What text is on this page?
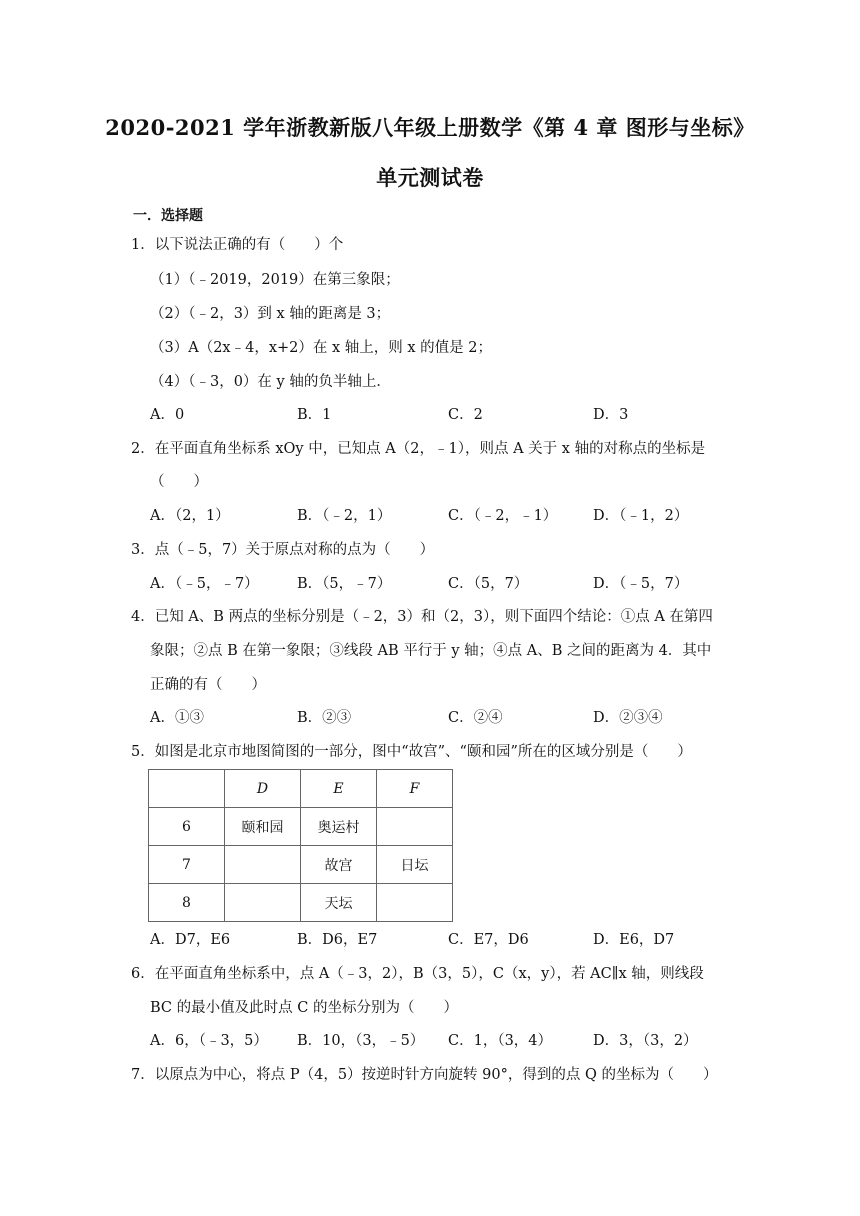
2020-2021 学年浙教新版八年级上册数学《第 4 章 图形与坐标》
单元测试卷
一．选择题
1．以下说法正确的有（　　）个
（1）（﹣2019，2019）在第三象限；
（2）（﹣2，3）到 x 轴的距离是 3；
（3）A（2x﹣4，x+2）在 x 轴上，则 x 的值是 2；
（4）（﹣3，0）在 y 轴的负半轴上．
A．0	B．1	C．2	D．3
2．在平面直角坐标系 xOy 中，已知点 A（2，﹣1），则点 A 关于 x 轴的对称点的坐标是
（　　）
A．（2，1）	B．（﹣2，1）	C．（﹣2，﹣1） D．（﹣1，2）
3．点（﹣5，7）关于原点对称的点为（　　）
A．（﹣5，﹣7）	B．（5，﹣7）	C．（5，7）	D．（﹣5，7）
4．已知 A、B 两点的坐标分别是（﹣2，3）和（2，3），则下面四个结论：①点 A 在第四
象限；②点 B 在第一象限；③线段 AB 平行于 y 轴；④点 A、B 之间的距离为 4．其中
正确的有（　　）
A．①③	B．②③	C．②④	D．②③④
5．如图是北京市地图简图的一部分，图中“故宫”、“颐和园”所在的区域分别是（　　）
	D	E	F
6	颐和园	奥运村	
7		故宫	日坛
8		天坛	
A．D7，E6	B．D6，E7	C．E7，D6	D．E6，D7
6．在平面直角坐标系中，点 A（﹣3，2），B（3，5），C（x，y），若 AC∥x 轴，则线段
BC 的最小值及此时点 C 的坐标分别为（　　）
A．6，（﹣3，5） B．10，（3，﹣5） C．1，（3，4）	D．3，（3，2）
7．以原点为中心，将点 P（4，5）按逆时针方向旋转 90°，得到的点 Q 的坐标为（　　）
